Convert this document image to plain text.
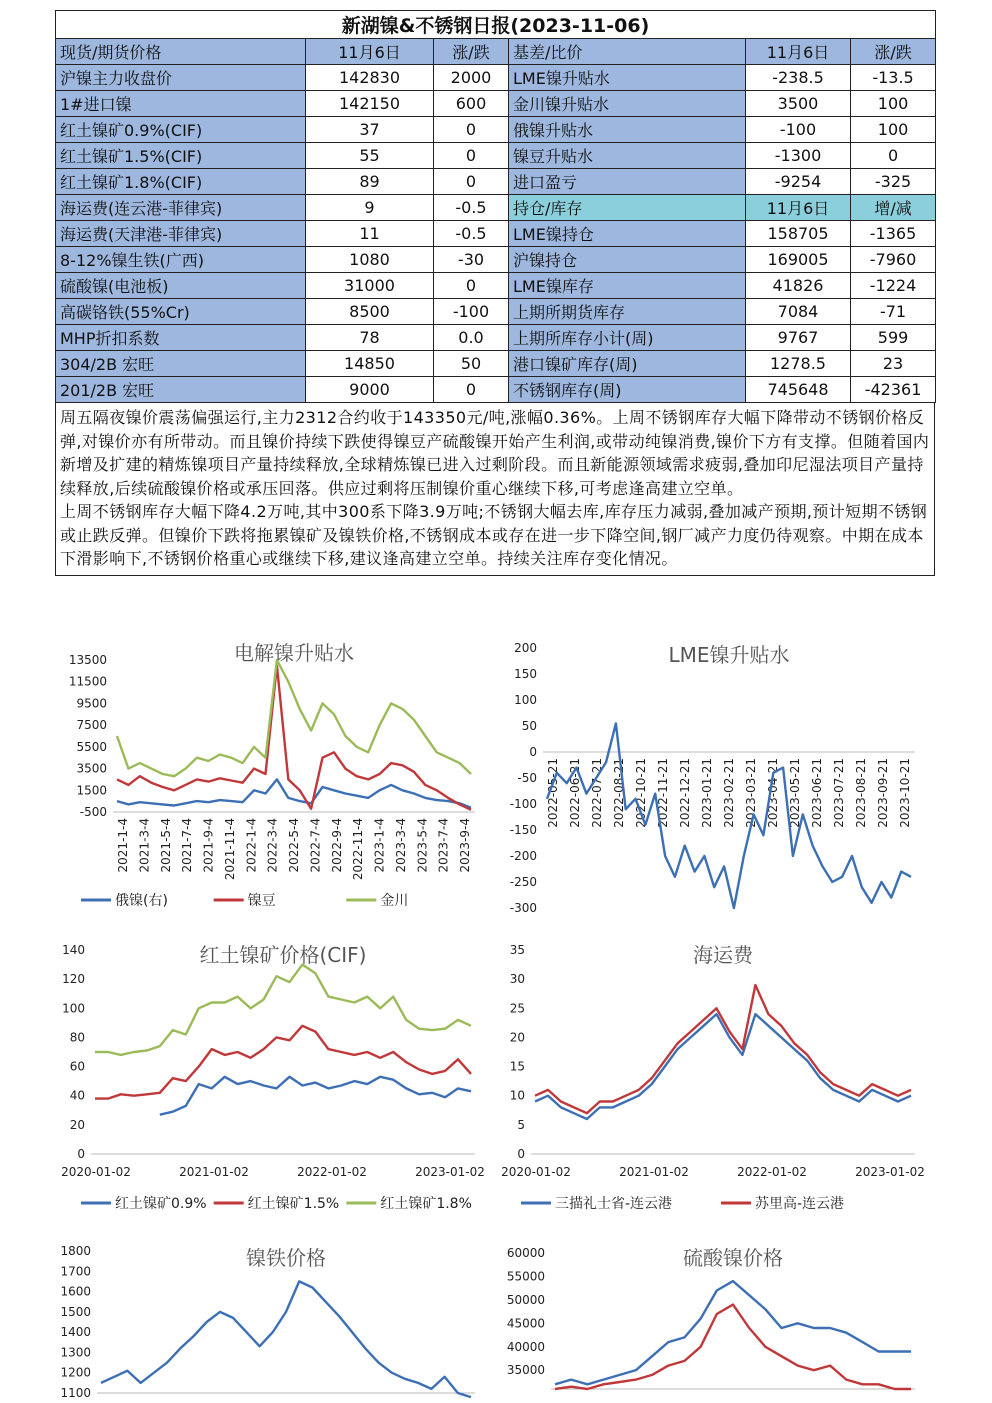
新湖镍&不锈钢日报(2023-11-06)					
现货/期货价格	11月6日	涨/跌	基差/比价	11月6日	涨/跌
沪镍主力收盘价	142830	2000	LME镍升贴水	-238.5	-13.5
1#进口镍	142150	600	金川镍升贴水	3500	100
红土镍矿0.9%(CIF)	37	0	俄镍升贴水	-100	100
红土镍矿1.5%(CIF)	55	0	镍豆升贴水	-1300	0
红土镍矿1.8%(CIF)	89	0	进口盈亏	-9254	-325
海运费(连云港-菲律宾)	9	-0.5	持仓/库存	11月6日	增/减
海运费(天津港-菲律宾)	11	-0.5	LME镍持仓	158705	-1365
8-12%镍生铁(广西)	1080	-30	沪镍持仓	169005	-7960
硫酸镍(电池板)	31000	0	LME镍库存	41826	-1224
高碳铬铁(55%Cr)	8500	-100	上期所期货库存	7084	-71
MHP折扣系数	78	0.0	上期所库存小计(周)	9767	599
304/2B 宏旺	14850	50	港口镍矿库存(周)	1278.5	23
201/2B 宏旺	9000	0	不锈钢库存(周)	745648	-42361

周五隔夜镍价震荡偏强运行,主力2312合约收于143350元/吨,涨幅0.36%。上周不锈钢库存大幅下降带动不锈钢价格反弹,对镍价亦有所带动。而且镍价持续下跌使得镍豆产硫酸镍开始产生利润,或带动纯镍消费,镍价下方有支撑。但随着国内新增及扩建的精炼镍项目产量持续释放,全球精炼镍已进入过剩阶段。而且新能源领域需求疲弱,叠加印尼湿法项目产量持续释放,后续硫酸镍价格或承压回落。供应过剩将压制镍价重心继续下移,可考虑逢高建立空单。

上周不锈钢库存大幅下降4.2万吨,其中300系下降3.9万吨;不锈钢大幅去库,库存压力减弱,叠加减产预期,预计短期不锈钢或止跌反弹。但镍价下跌将拖累镍矿及镍铁价格,不锈钢成本或存在进一步下降空间,钢厂减产力度仍待观察。中期在成本下滑影响下,不锈钢价格重心或继续下移,建议逢高建立空单。持续关注库存变化情况。

电解镍升贴水
13500
11500
9500
7500
5500
3500
1500
-500
2021-1-4 2021-3-4 2021-5-4 2021-7-4 2021-9-4 2021-11-4 2022-1-4 2022-3-4 2022-5-4 2022-7-4 2022-9-4 2022-11-4 2023-1-4 2023-3-4 2023-5-4 2023-7-4 2023-9-4
俄镍(右)	镍豆	金川
LME镍升贴水
200
150
100
50
0
-50
-100
-150
-200
-250
-300
2022-05-21 2022-06-21 2022-07-21 2022-08-21 2022-10-21 2022-11-21 2022-12-21 2023-01-21 2023-02-21 2023-03-21 2023-04-21 2023-05-21 2023-06-21 2023-07-21 2023-08-21 2023-09-21 2023-10-21
红土镍矿价格(CIF)
140
120
100
80
60
40
20
0
2020-01-02	2021-01-02	2022-01-02	2023-01-02
红土镍矿0.9%	红土镍矿1.5%	红土镍矿1.8%
海运费
35
30
25
20
15
10
5
0
2020-01-02	2021-01-02	2022-01-02	2023-01-02
三描礼士省-连云港	苏里高-连云港
镍铁价格
1800
1700
1600
1500
1400
1300
1200
1100
硫酸镍价格
60000
55000
50000
45000
40000
35000
